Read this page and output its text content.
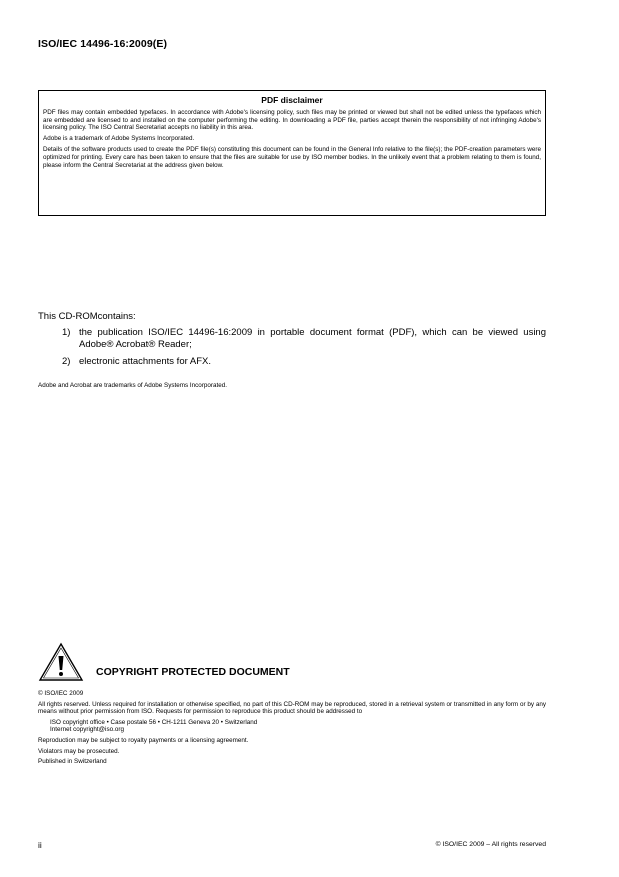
ISO/IEC 14496-16:2009(E)
PDF disclaimer

PDF files may contain embedded typefaces. In accordance with Adobe's licensing policy, such files may be printed or viewed but shall not be edited unless the typefaces which are embedded are licensed to and installed on the computer performing the editing. In downloading a PDF file, parties accept therein the responsibility of not infringing Adobe's licensing policy. The ISO Central Secretariat accepts no liability in this area.

Adobe is a trademark of Adobe Systems Incorporated.

Details of the software products used to create the PDF file(s) constituting this document can be found in the General Info relative to the file(s); the PDF-creation parameters were optimized for printing. Every care has been taken to ensure that the files are suitable for use by ISO member bodies. In the unlikely event that a problem relating to them is found, please inform the Central Secretariat at the address given below.

This CD-ROMcontains:

1) the publication ISO/IEC 14496-16:2009 in portable document format (PDF), which can be viewed using Adobe® Acrobat® Reader;
2) electronic attachments for AFX.
Adobe and Acrobat are trademarks of Adobe Systems Incorporated.
COPYRIGHT PROTECTED DOCUMENT

© ISO/IEC 2009

All rights reserved. Unless required for installation or otherwise specified, no part of this CD-ROM may be reproduced, stored in a retrieval system or transmitted in any form or by any means without prior permission from ISO. Requests for permission to reproduce this product should be addressed to

ISO copyright office • Case postale 56 • CH-1211 Geneva 20 • Switzerland

Internet copyright@iso.org

Reproduction may be subject to royalty payments or a licensing agreement.

Violators may be prosecuted.

Published in Switzerland

ii	© ISO/IEC 2009 – All rights reserved
